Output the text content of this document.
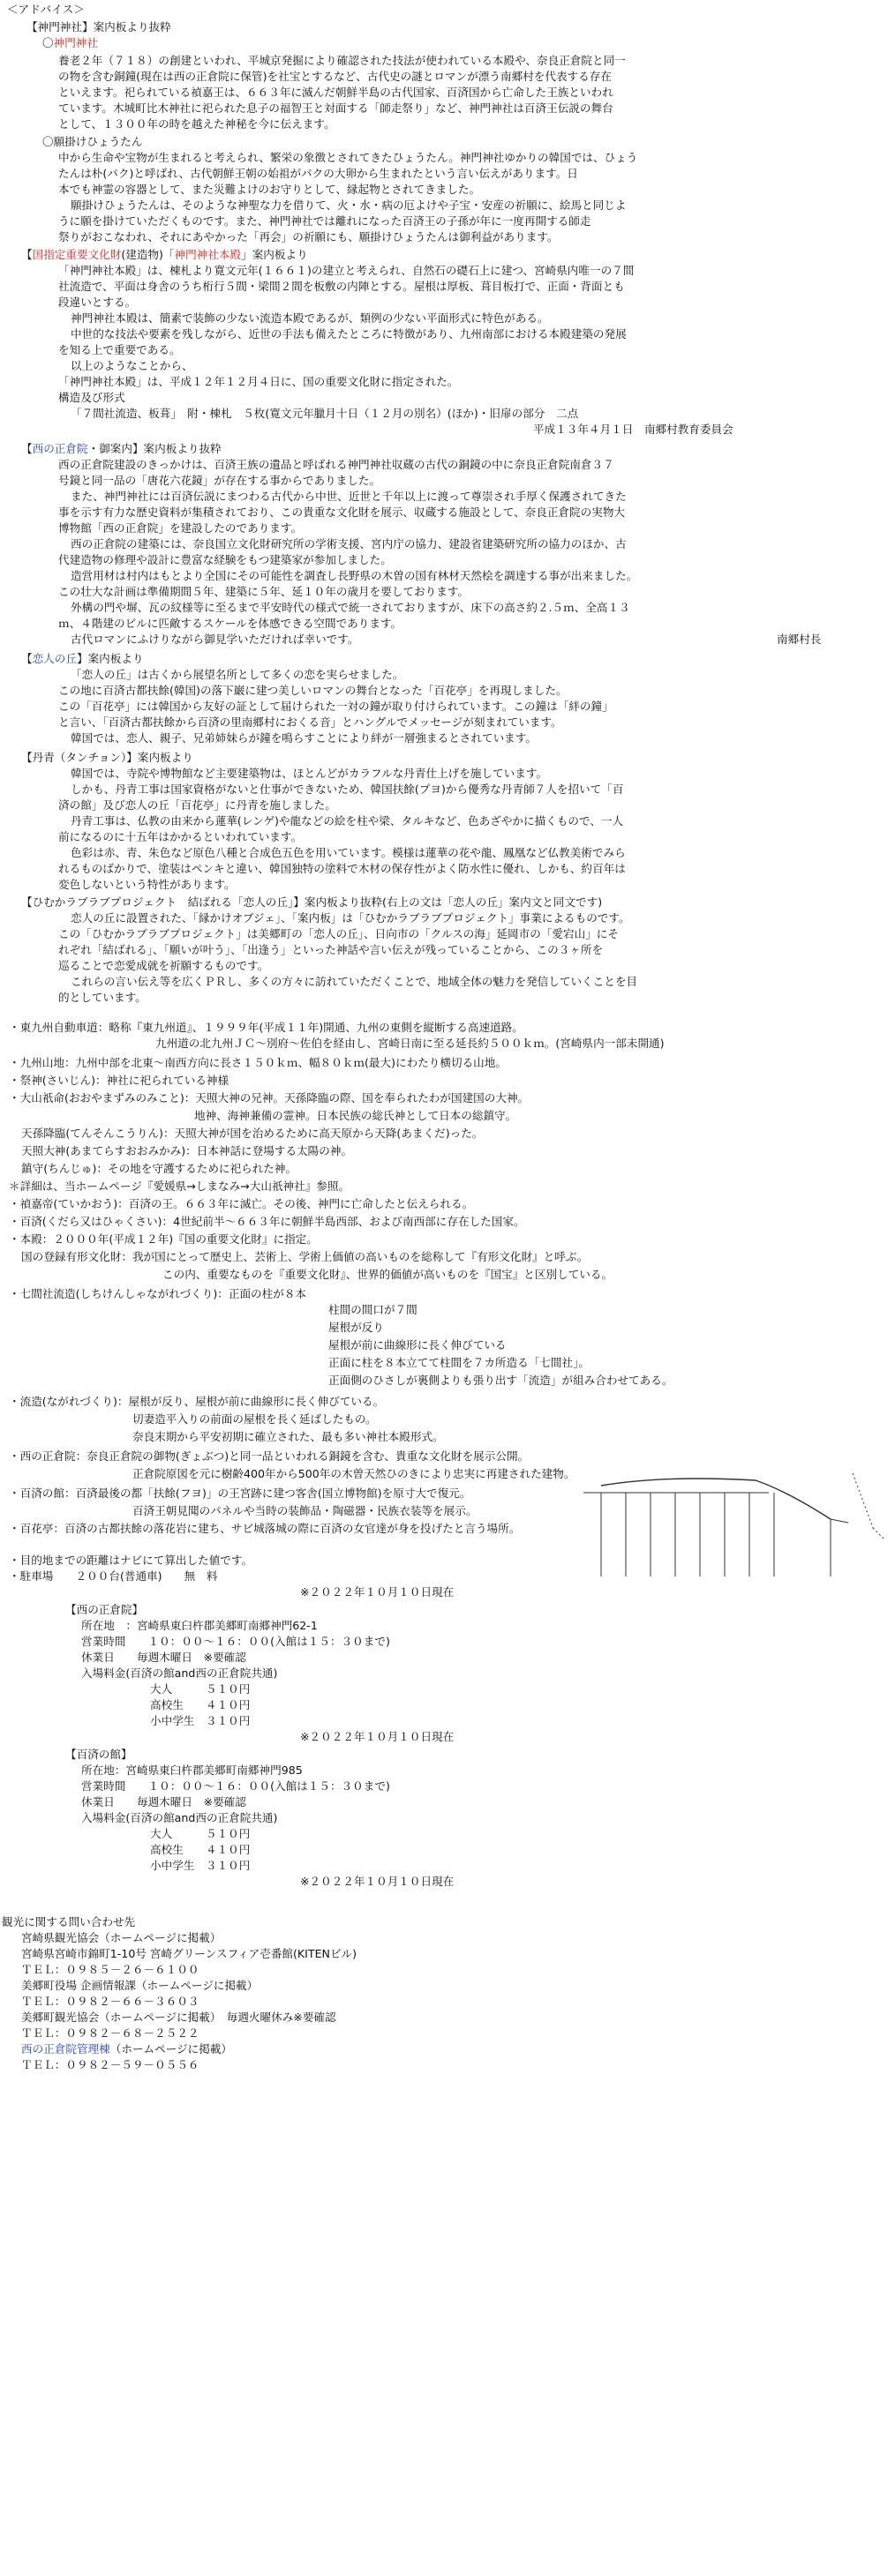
＜アドバイス＞
【神門神社】案内板より抜粋
〇神門神社
養老２年（７１８）の創建といわれ、平城京発掘により確認された技法が使われている本殿や、奈良正倉院と同一
の物を含む銅鐘(現在は西の正倉院に保管)を社宝とするなど、古代史の謎とロマンが漂う南郷村を代表する存在
といえます。祀られている禎嘉王は、６６３年に滅んだ朝鮮半島の古代国家、百済国から亡命した王族といわれ
ています。木城町比木神社に祀られた息子の福智王と対面する「師走祭り」など、神門神社は百済王伝説の舞台
として、１３００年の時を越えた神秘を今に伝えます。
〇願掛けひょうたん
中から生命や宝物が生まれると考えられ、繁栄の象徴とされてきたひょうたん。神門神社ゆかりの韓国では、ひょう
たんは朴(パク)と呼ばれ、古代朝鮮王朝の始祖がパクの大卵から生まれたという言い伝えがあります。日
本でも神霊の容器として、また災難よけのお守りとして、縁起物とされてきました。
願掛けひょうたんは、そのような神聖な力を借りて、火・水・病の厄よけや子宝・安産の祈願に、絵馬と同じよ
うに願を掛けていただくものです。また、神門神社では離れになった百済王の子孫が年に一度再開する師走
祭りがおこなわれ、それにあやかった「再会」の祈願にも、願掛けひょうたんは御利益があります。
【国指定重要文化財(建造物)「神門神社本殿」案内板より
「神門神社本殿」は、棟札より寛文元年(１６６１)の建立と考えられ、自然石の礎石上に建つ、宮崎県内唯一の７間
社流造で、平面は身舎のうち桁行５間・梁間２間を板敷の内陣とする。屋根は厚板、葺目板打で、正面・背面とも
段違いとする。
神門神社本殿は、簡素で装飾の少ない流造本殿であるが、類例の少ない平面形式に特色がある。
中世的な技法や要素を残しながら、近世の手法も備えたところに特徴があり、九州南部における本殿建築の発展
を知る上で重要である。
以上のようなことから、
「神門神社本殿」は、平成１２年１２月４日に、国の重要文化財に指定された。
構造及び形式
「７間社流造、板葺」　附・棟札　５枚(寛文元年臘月十日（１２月の別名）(ほか)・旧扉の部分　二点
平成１３年４月１日　南郷村教育委員会
【西の正倉院・御案内】案内板より抜粋
西の正倉院建設のきっかけは、百済王族の遺品と呼ばれる神門神社収蔵の古代の銅鏡の中に奈良正倉院南倉３７
号鏡と同一品の「唐花六花鏡」が存在する事からでありました。
また、神門神社には百済伝説にまつわる古代から中世、近世と千年以上に渡って尊崇され手厚く保護されてきた
事を示す有力な歴史資料が集積されており、この貴重な文化財を展示、収蔵する施設として、奈良正倉院の実物大
博物館「西の正倉院」を建設したのであります。
西の正倉院の建築には、奈良国立文化財研究所の学術支援、宮内庁の協力、建設省建築研究所の協力のほか、古
代建造物の修理や設計に豊富な経験をもつ建築家が参加しました。
造営用材は村内はもとより全国にその可能性を調査し長野県の木曽の国有林材天然桧を調達する事が出来ました。
この壮大な計画は準備期間５年、建築に５年、延１０年の歳月を要しております。
外構の門や塀、瓦の紋様等に至るまで平安時代の様式で統一されておりますが、床下の高さ約２.５ｍ、全高１３
ｍ、４階建のビルに匹敵するスケールを体感できる空間であります。
古代ロマンにふけりながら御見学いただければ幸いです。	南郷村長
【恋人の丘】案内板より
「恋人の丘」は古くから展望名所として多くの恋を実らせました。
この地に百済古都扶餘(韓国)の落下巌に建つ美しいロマンの舞台となった「百花亭」を再現しました。
この「百花亭」には韓国から友好の証として届けられた一対の鐘が取り付けられています。この鐘は「絆の鐘」
と言い、「百済古都扶餘から百済の里南郷村におくる音」とハングルでメッセージが刻まれています。
韓国では、恋人、親子、兄弟姉妹らが鐘を鳴らすことにより絆が一層強まるとされています。
【丹青（タンチョン）】案内板より
韓国では、寺院や博物館など主要建築物は、ほとんどがカラフルな丹青仕上げを施しています。
しかも、丹青工事は国家資格がないと仕事ができないため、韓国扶餘(プヨ)から優秀な丹青師７人を招いて「百
済の館」及び恋人の丘「百花亭」に丹青を施しました。
丹青工事は、仏教の由来から蓮華(レンゲ)や龍などの絵を柱や梁、タルキなど、色あざやかに描くもので、一人
前になるのに十五年はかかるといわれています。
色彩は赤、青、朱色など原色八種と合成色五色を用いています。模様は蓮華の花や龍、鳳凰など仏教美術でみら
れるものばかりで、塗装はペンキと違い、韓国独特の塗料で木材の保存性がよく防水性に優れ、しかも、約百年は
変色しないという特性があります。
【ひむかラブラブプロジェクト　結ばれる「恋人の丘」】案内板より抜粋(右上の文は「恋人の丘」案内文と同文です)
恋人の丘に設置された、「縁かけオブジェ」、「案内板」は「ひむかラブラブプロジェクト」事業によるものです。
この「ひむかラブラブプロジェクト」は美郷町の「恋人の丘」、日向市の「クルスの海」延岡市の「愛宕山」にそ
れぞれ「結ばれる」、「願いが叶う」、「出逢う」といった神話や言い伝えが残っていることから、この３ヶ所を
巡ることで恋愛成就を祈願するものです。
これらの言い伝え等を広くＰＲし、多くの方々に訪れていただくことで、地域全体の魅力を発信していくことを目
的としています。
・東九州自動車道：略称『東九州道』、１９９９年(平成１１年)開通、九州の東側を縦断する高速道路。
九州道の北九州ＪＣ〜別府〜佐伯を経由し、宮崎日南に至る延長約５００ｋｍ。(宮崎県内一部未開通)
・九州山地：九州中部を北東〜南西方向に長さ１５０ｋｍ、幅８０ｋｍ(最大)にわたり横切る山地。
・祭神(さいじん)：神社に祀られている神様
・大山祇命(おおやまずみのみこと)：天照大神の兄神。天孫降臨の際、国を奉られたわが国建国の大神。
地神、海神兼備の霊神。日本民族の総氏神として日本の総鎮守。
天孫降臨(てんそんこうりん)：天照大神が国を治めるために高天原から天降(あまくだ)った。
天照大神(あまてらすおおみかみ)：日本神話に登場する太陽の神。
鎮守(ちんじゅ)：その地を守護するために祀られた神。
＊詳細は、当ホームページ『愛媛県→しまなみ→大山祇神社』参照。
・禎嘉帝(ていかおう)：百済の王。６６３年に滅亡。その後、神門に亡命したと伝えられる。
・百済(くだら又はひゃくさい)：4世紀前半〜６６３年に朝鮮半島西部、および南西部に存在した国家。
・本殿：２０００年(平成１２年)『国の重要文化財』に指定。
国の登録有形文化財：我が国にとって歴史上、芸術上、学術上価値の高いものを総称して『有形文化財』と呼ぶ。
この内、重要なものを『重要文化財』、世界的価値が高いものを『国宝』と区別している。
・七間社流造(しちけんしゃながれづくり)：正面の柱が８本
柱間の間口が７間
屋根が反り
屋根が前に曲線形に長く伸びている
正面に柱を８本立てて柱間を７カ所造る「七間社」。
正面側のひさしが裏側よりも張り出す「流造」が組み合わせてある。
・流造(ながれづくり)：屋根が反り、屋根が前に曲線形に長く伸びている。
切妻造平入りの前面の屋根を長く延ばしたもの。
奈良末期から平安初期に確立された、最も多い神社本殿形式。
・西の正倉院：奈良正倉院の御物(ぎょぶつ)と同一品といわれる銅鏡を含む、貴重な文化財を展示公開。
正倉院原図を元に樹齢400年から500年の木曽天然ひのきにより忠実に再建された建物。
・百済の館：百済最後の都「扶餘(フヨ)」の王宮跡に建つ客舎(国立博物館)を原寸大で復元。
百済王朝見聞のパネルや当時の装飾品・陶磁器・民族衣装等を展示。
・百花亭：百済の古都扶餘の落花岩に建ち、サビ城落城の際に百済の女官達が身を投げたと言う場所。
・目的地までの距離はナビにて算出した値です。
・駐車場　　２００台(普通車)　　無　料
※２０２２年１０月１０日現在
【西の正倉院】
所在地　：宮崎県東臼杵郡美郷町南郷神門62-1
営業時間　　１０：００〜１６：００(入館は１５：３０まで)
休業日　　毎週木曜日　※要確認
入場料金(百済の館and西の正倉院共通)
大人　　　５１０円
高校生　　４１０円
小中学生　３１０円
※２０２２年１０月１０日現在
【百済の館】
所在地：宮崎県東臼杵郡美郷町南郷神門985
営業時間　　１０：００〜１６：００(入館は１５：３０まで)
休業日　　毎週木曜日　※要確認
入場料金(百済の館and西の正倉院共通)
大人　　　５１０円
高校生　　４１０円
小中学生　３１０円
※２０２２年１０月１０日現在
観光に関する問い合わせ先
宮崎県観光協会（ホームページに掲載）
宮崎県宮崎市錦町1-10号 宮崎グリーンスフィア壱番館(KITENビル)
ＴＥＬ：０９８５－２６－６１００
美郷町役場 企画情報課（ホームページに掲載）
ＴＥＬ：０９８２－６６－３６０３
美郷町観光協会（ホームページに掲載）　毎週火曜休み※要確認
ＴＥＬ：０９８２－６８－２５２２
西の正倉院管理棟（ホームページに掲載）
ＴＥＬ：０９８２－５９－０５５６
